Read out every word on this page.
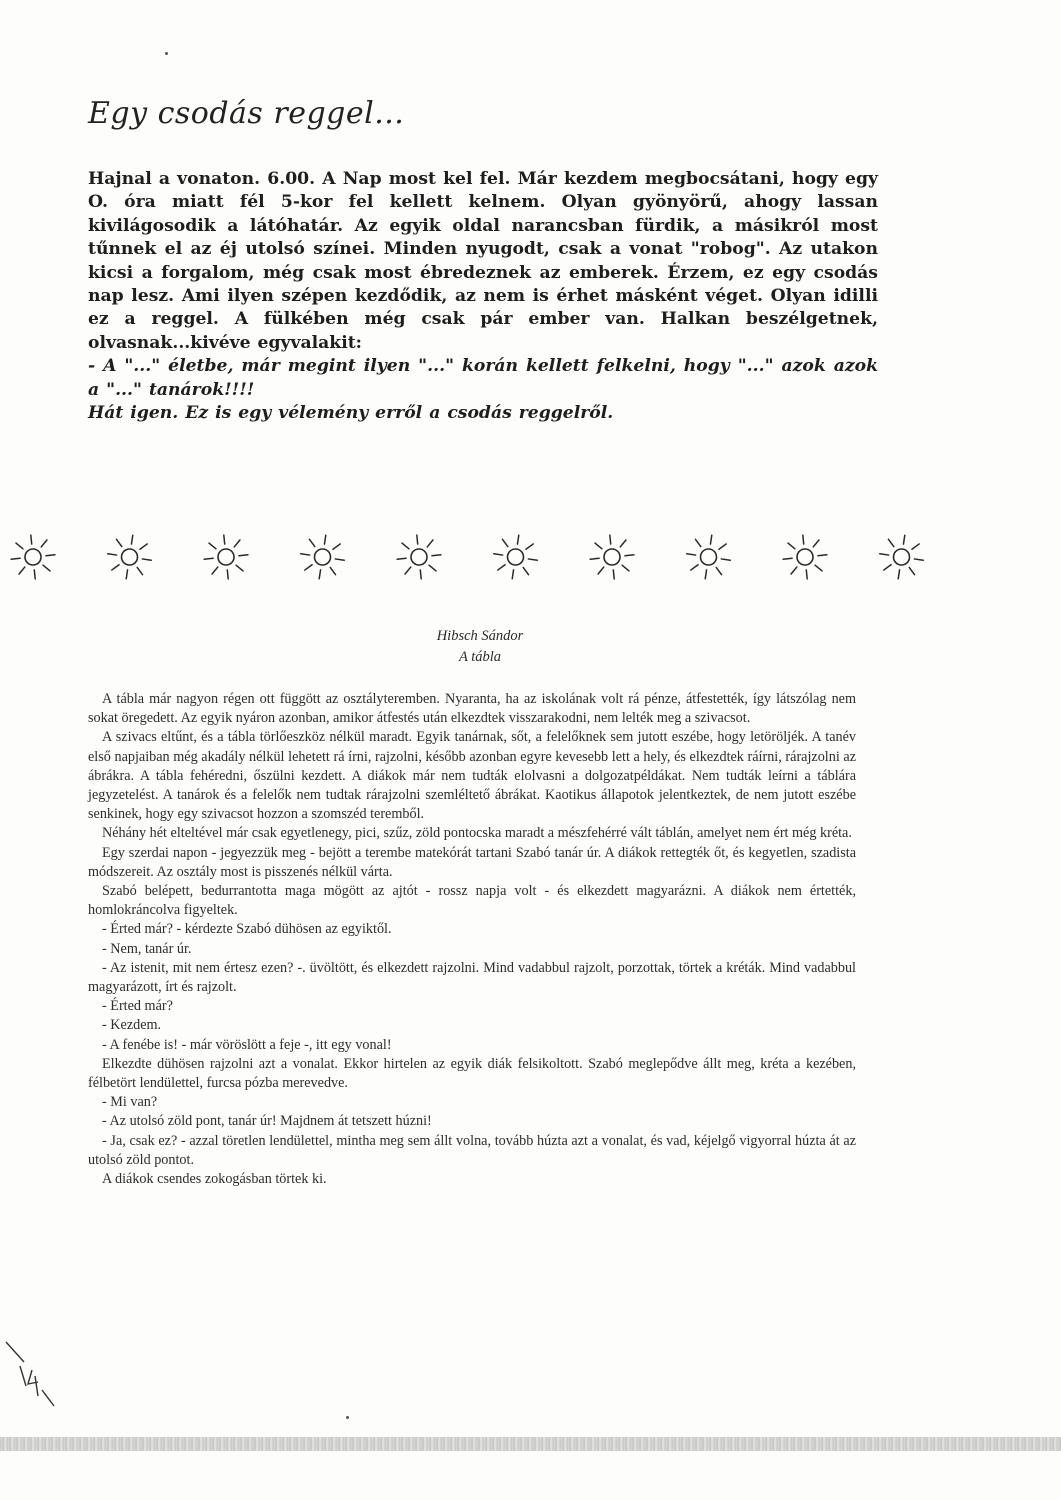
Egy csodás reggel...

Hajnal a vonaton. 6.00. A Nap most kel fel. Már kezdem megbocsátani, hogy egy O. óra miatt fél 5-kor fel kellett kelnem. Olyan gyönyörű, ahogy lassan kivilágosodik a látóhatár. Az egyik oldal narancsban fürdik, a másikról most tűnnek el az éj utolsó színei. Minden nyugodt, csak a vonat "robog". Az utakon kicsi a forgalom, még csak most ébredeznek az emberek. Érzem, ez egy csodás nap lesz. Ami ilyen szépen kezdődik, az nem is érhet másként véget. Olyan idilli ez a reggel. A fülkében még csak pár ember van. Halkan beszélgetnek, olvasnak...kivéve egyvalakit:

- A "..." életbe, már megint ilyen "..." korán kellett felkelni, hogy "..." azok azok a "..." tanárok!!!!

Hát igen. Ez is egy vélemény erről a csodás reggelről.

Hibsch Sándor
A tábla

A tábla már nagyon régen ott függött az osztályteremben. Nyaranta, ha az iskolának volt rá pénze, átfestették, így látszólag nem sokat öregedett. Az egyik nyáron azonban, amikor átfestés után elkezdtek visszarakodni, nem lelték meg a szivacsot.

A szivacs eltűnt, és a tábla törlőeszköz nélkül maradt. Egyik tanárnak, sőt, a felelőknek sem jutott eszébe, hogy letöröljék. A tanév első napjaiban még akadály nélkül lehetett rá írni, rajzolni, később azonban egyre kevesebb lett a hely, és elkezdtek ráírni, rárajzolni az ábrákra. A tábla fehéredni, őszülni kezdett. A diákok már nem tudták elolvasni a dolgozatpéldákat. Nem tudták leírni a táblára jegyzetelést. A tanárok és a felelők nem tudtak rárajzolni szemléltető ábrákat. Kaotikus állapotok jelentkeztek, de nem jutott eszébe senkinek, hogy egy szivacsot hozzon a szomszéd teremből.

Néhány hét elteltével már csak egyetlenegy, pici, szűz, zöld pontocska maradt a mészfehérré vált táblán, amelyet nem ért még kréta.

Egy szerdai napon - jegyezzük meg - bejött a terembe matekórát tartani Szabó tanár úr. A diákok rettegték őt, és kegyetlen, szadista módszereit. Az osztály most is pisszenés nélkül várta.

Szabó belépett, bedurrantotta maga mögött az ajtót - rossz napja volt - és elkezdett magyarázni. A diákok nem értették, homlokráncolva figyeltek.

- Érted már? - kérdezte Szabó dühösen az egyiktől.

- Nem, tanár úr.

- Az istenit, mit nem értesz ezen? -. üvöltött, és elkezdett rajzolni. Mind vadabbul rajzolt, porzottak, törtek a kréták. Mind vadabbul magyarázott, írt és rajzolt.

- Érted már?

- Kezdem.

- A fenébe is! - már vöröslött a feje -, itt egy vonal!

Elkezdte dühösen rajzolni azt a vonalat. Ekkor hirtelen az egyik diák felsikoltott. Szabó meglepődve állt meg, kréta a kezében, félbetört lendülettel, furcsa pózba merevedve.

- Mi van?

- Az utolsó zöld pont, tanár úr! Majdnem át tetszett húzni!

- Ja, csak ez? - azzal töretlen lendülettel, mintha meg sem állt volna, tovább húzta azt a vonalat, és vad, kéjelgő vigyorral húzta át az utolsó zöld pontot.

A diákok csendes zokogásban törtek ki.
